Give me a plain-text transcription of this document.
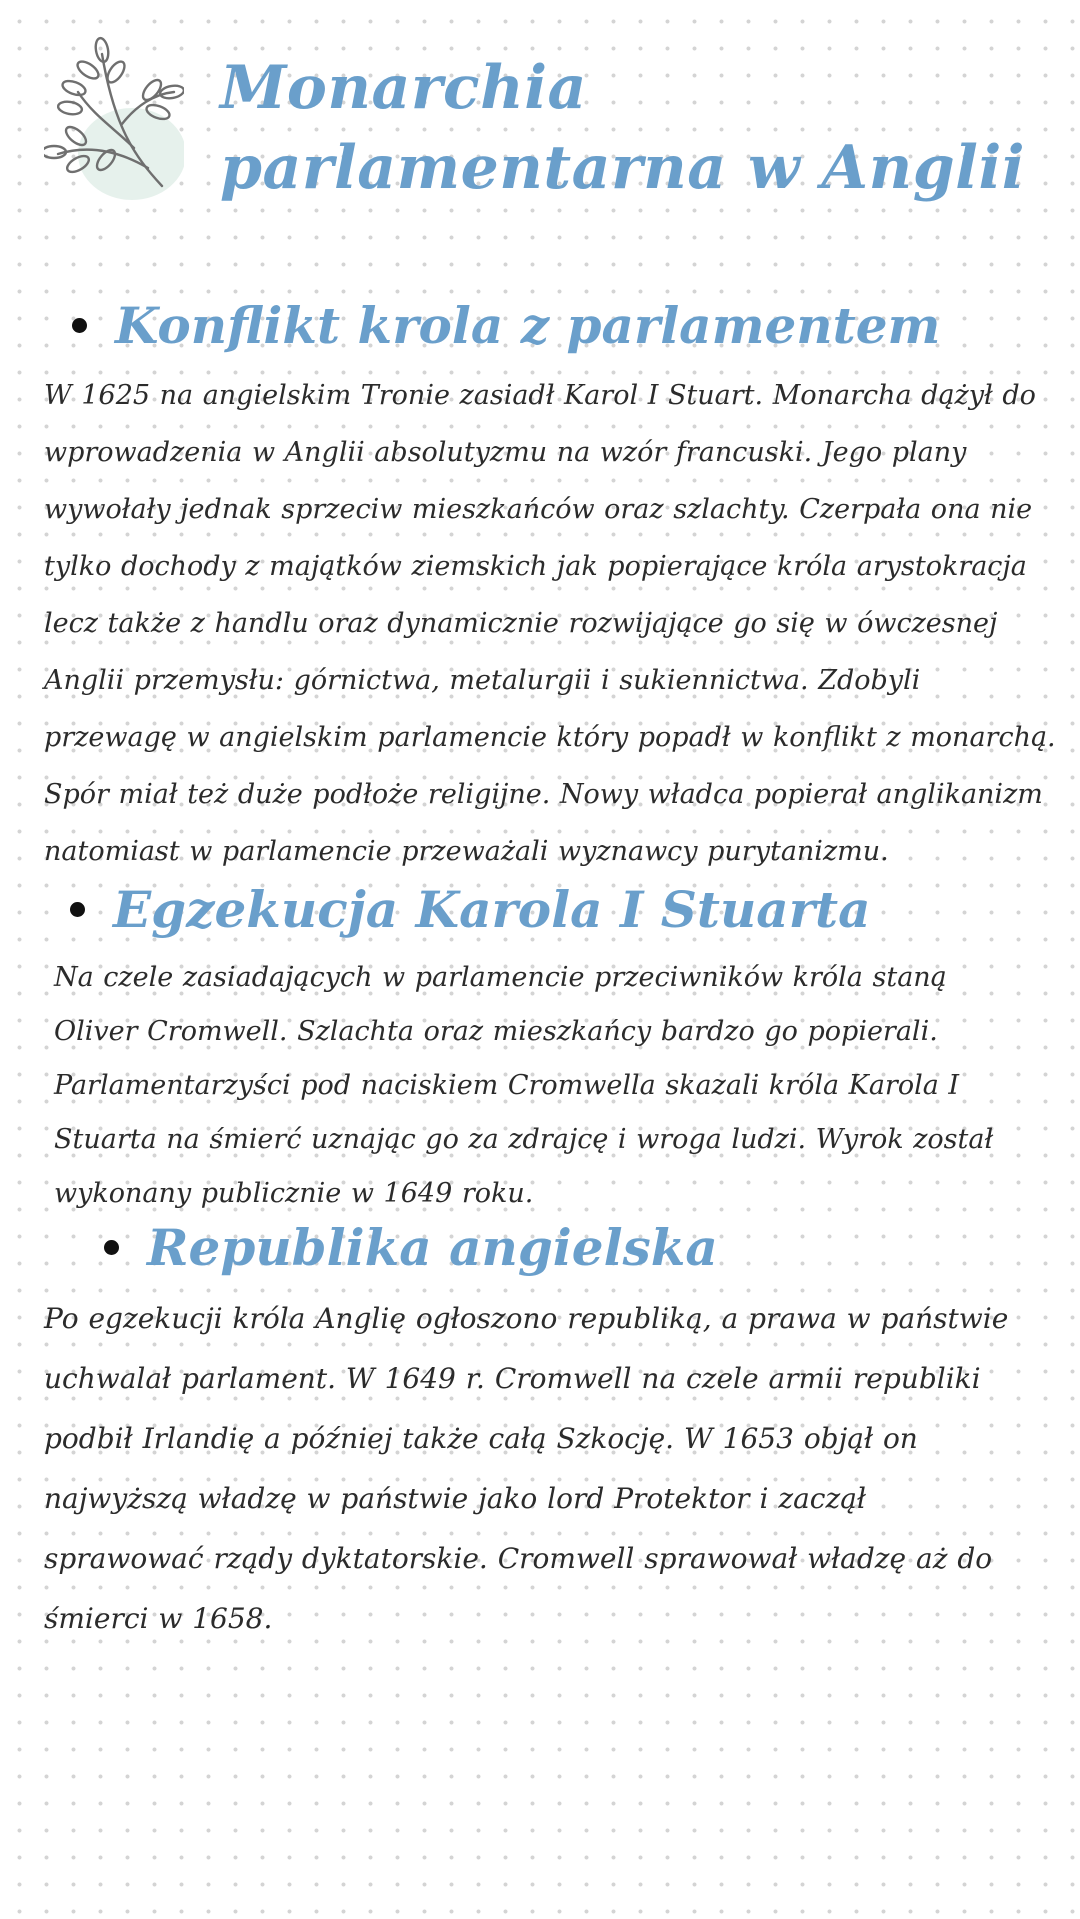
Monarchia
parlamentarna w Anglii
Konflikt krola z parlamentem

W 1625 na angielskim Tronie zasiadł Karol I Stuart. Monarcha dążył do wprowadzenia w Anglii absolutyzmu na wzór francuski. Jego plany wywołały jednak sprzeciw mieszkańców oraz szlachty. Czerpała ona nie tylko dochody z majątków ziemskich jak popierające króla arystokracja lecz także z handlu oraz dynamicznie rozwijające go się w ówczesnej Anglii przemysłu: górnictwa, metalurgii i sukiennictwa. Zdobyli przewagę w angielskim parlamencie który popadł w konflikt z monarchą. Spór miał też duże podłoże religijne. Nowy władca popierał anglikanizm natomiast w parlamencie przeważali wyznawcy purytanizmu.

Egzekucja Karola I Stuarta

Na czele zasiadających w parlamencie przeciwników króla staną Oliver Cromwell. Szlachta oraz mieszkańcy bardzo go popierali. Parlamentarzyści pod naciskiem Cromwella skazali króla Karola I Stuarta na śmierć uznając go za zdrajcę i wroga ludzi. Wyrok został wykonany publicznie w 1649 roku.

Republika angielska

Po egzekucji króla Anglię ogłoszono republiką, a prawa w państwie uchwalał parlament. W 1649 r. Cromwell na czele armii republiki podbił Irlandię a później także całą Szkocję. W 1653 objął on najwyższą władzę w państwie jako lord Protektor i zaczął sprawować rządy dyktatorskie. Cromwell sprawował władzę aż do śmierci w 1658.
